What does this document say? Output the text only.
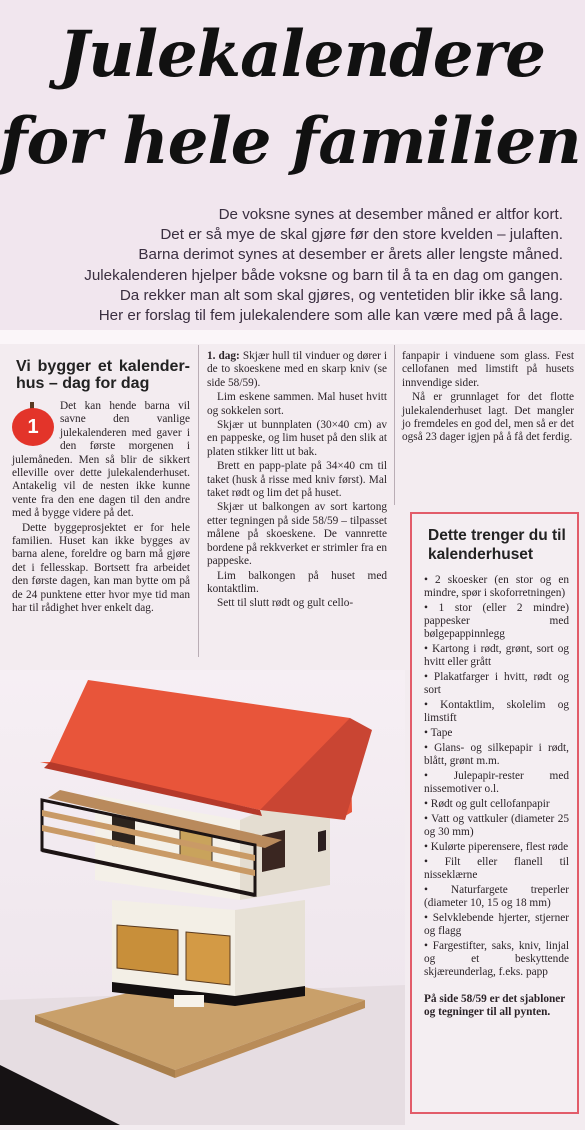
Julekalendere
for hele familien
De voksne synes at desember måned er altfor kort.
Det er så mye de skal gjøre før den store kvelden – julaften.
Barna derimot synes at desember er årets aller lengste måned.
Julekalenderen hjelper både voksne og barn til å ta en dag om gangen.
Da rekker man alt som skal gjøres, og ventetiden blir ikke så lang.
Her er forslag til fem julekalendere som alle kan være med på å lage.
Vi bygger et kalender-hus – dag for dag
1

Det kan hende barna vil savne den vanlige julekalenderen med gaver i den første morgenen i julemåneden. Men så blir de sikkert elleville over dette julekalenderhuset. Antakelig vil de nesten ikke kunne vente fra den ene dagen til den andre med å bygge videre på det.

Dette byggeprosjektet er for hele familien. Huset kan ikke bygges av barna alene, foreldre og barn må gjøre det i fellesskap. Bortsett fra arbeidet den første dagen, kan man bytte om på de 24 punktene etter hvor mye tid man har til rådighet hver enkelt dag.

1. dag: Skjær hull til vinduer og dører i de to skoeskene med en skarp kniv (se side 58/59).

Lim eskene sammen. Mal huset hvitt og sokkelen sort.

Skjær ut bunnplaten (30×40 cm) av en pappeske, og lim huset på den slik at platen stikker litt ut bak.

Brett en papp-plate på 34×40 cm til taket (husk å risse med kniv først). Mal taket rødt og lim det på huset.

Skjær ut balkongen av sort kartong etter tegningen på side 58/59 – tilpasset målene på skoeskene. De vannrette bordene på rekkverket er strimler fra en pappeske.

Lim balkongen på huset med kontaktlim.

Sett til slutt rødt og gult cello-

fanpapir i vinduene som glass. Fest cellofanen med limstift på husets innvendige sider.

Nå er grunnlaget for det flotte julekalenderhuset lagt. Det mangler jo fremdeles en god del, men så er det også 23 dager igjen på å få det ferdig.

Dette trenger du til kalenderhuset
• 2 skoesker (en stor og en mindre, spør i skoforretningen)
• 1 stor (eller 2 mindre) pappesker med bølgepappinnlegg
• Kartong i rødt, grønt, sort og hvitt eller grått
• Plakatfarger i hvitt, rødt og sort
• Kontaktlim, skolelim og limstift
• Tape
• Glans- og silkepapir i rødt, blått, grønt m.m.
• Julepapir-rester med nissemotiver o.l.
• Rødt og gult cellofanpapir
• Vatt og vattkuler (diameter 25 og 30 mm)
• Kulørte piperensere, flest røde
• Filt eller flanell til nisseklærne
• Naturfargete treperler (diameter 10, 15 og 18 mm)
• Selvklebende hjerter, stjerner og flagg
• Fargestifter, saks, kniv, linjal og et beskyttende skjæreunderlag, f.eks. papp
På side 58/59 er det sjabloner og tegninger til all pynten.
